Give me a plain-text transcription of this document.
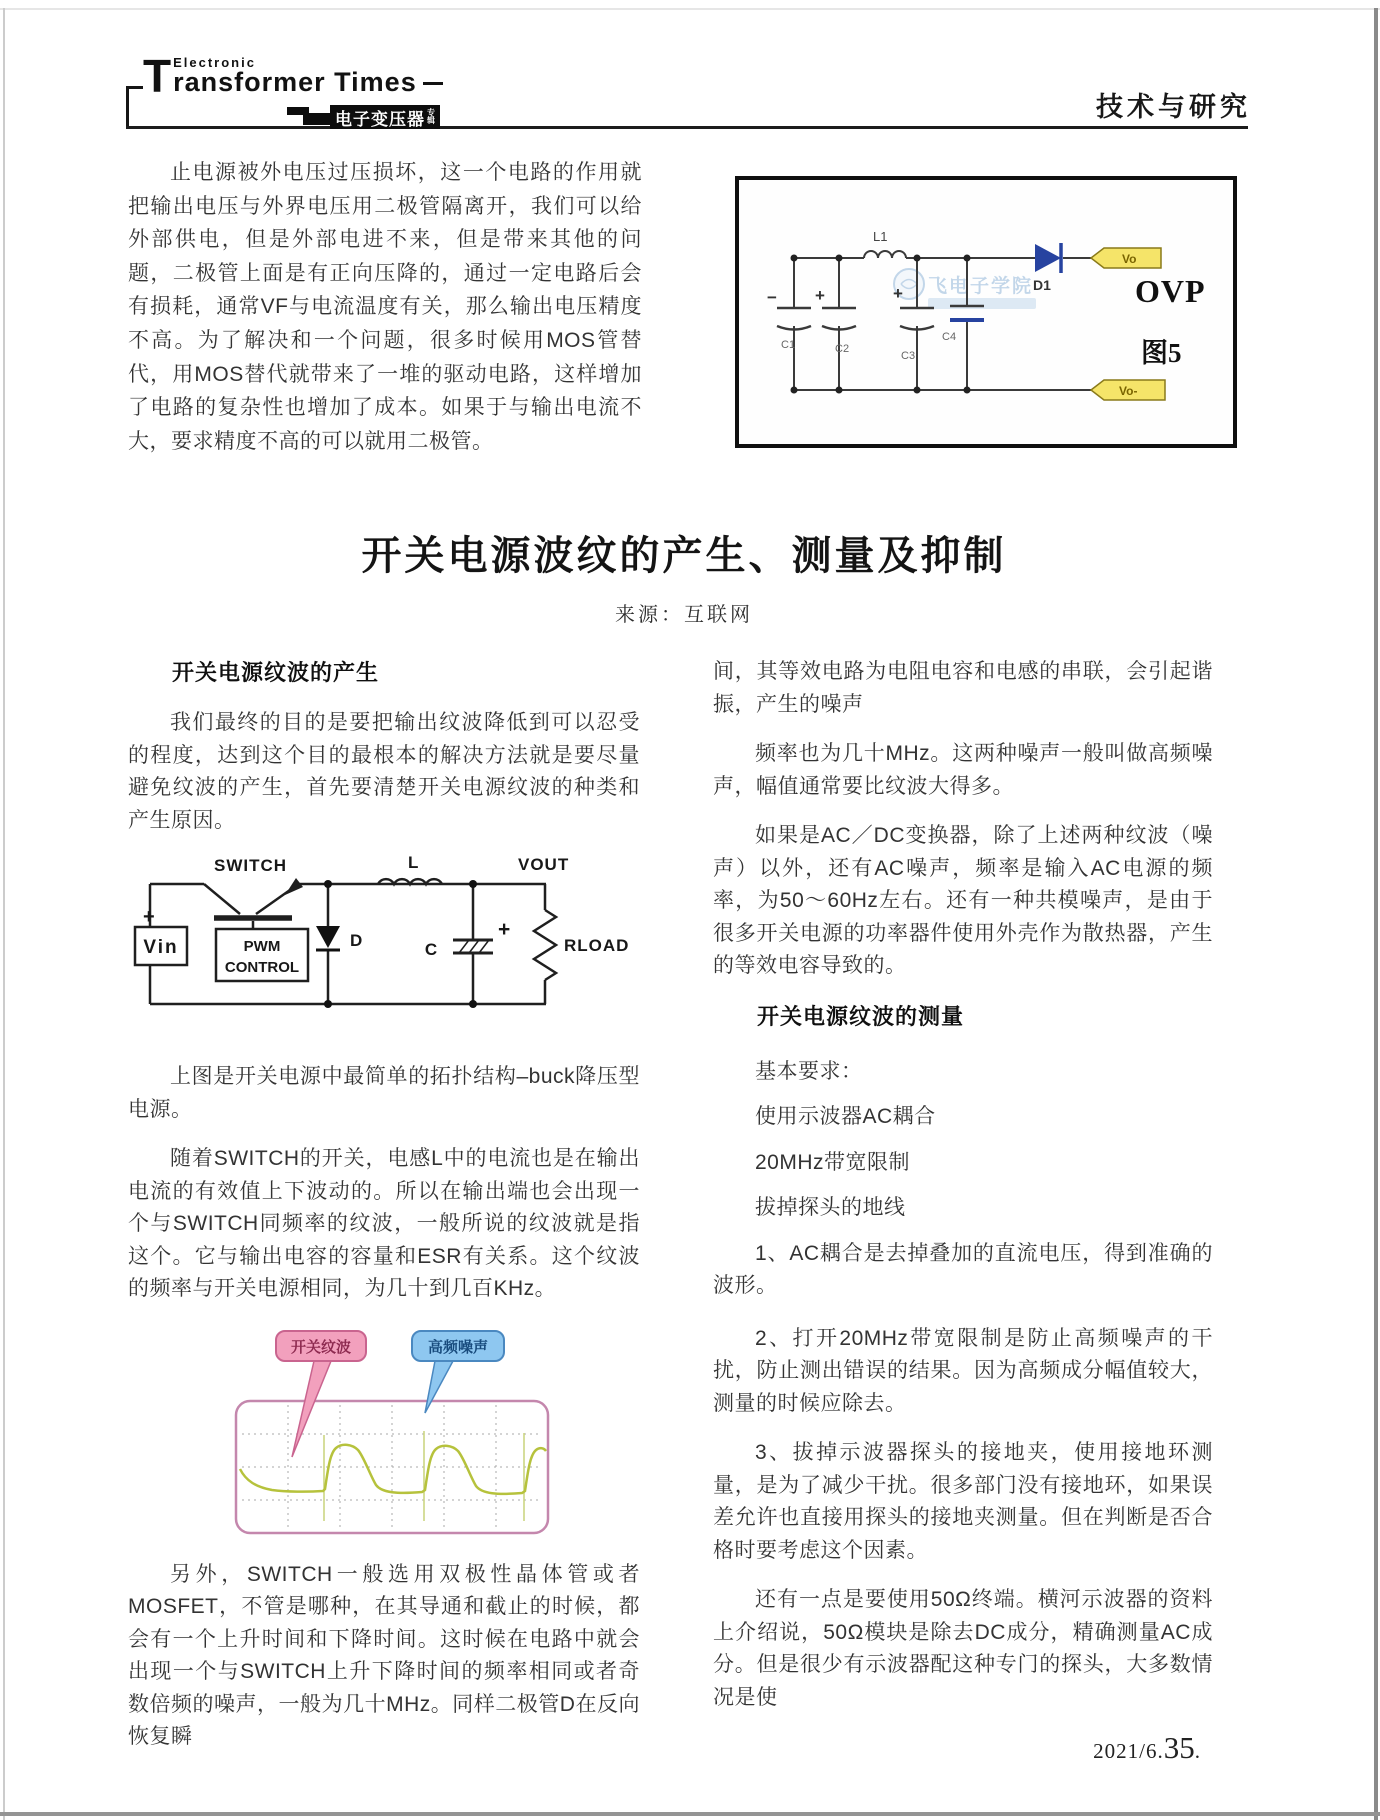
T Electronic
ransformer Times
电子变压器 专
辑	技术与研究
止电源被外电压过压损坏，这一个电路的作用就把输出电压与外界电压用二极管隔离开，我们可以给外部供电，但是外部电进不来，但是带来其他的问题，二极管上面是有正向压降的，通过一定电路后会有损耗，通常VF与电流温度有关，那么输出电压精度不高。为了解决和一个问题，很多时候用MOS管替代，用MOS替代就带来了一堆的驱动电路，这样增加了电路的复杂性也增加了成本。如果于与输出电流不大，要求精度不高的可以就用二极管。
飞电子学院
− +	+
C1	C2
C3
C4
L1
D1
Vo
Vo-
OVP
图5
开关电源波纹的产生、测量及抑制
来源：互联网
开关电源纹波的产生

我们最终的目的是要把输出纹波降低到可以忍受的程度，达到这个目的最根本的解决方法就是要尽量避免纹波的产生，首先要清楚开关电源纹波的种类和产生原因。

SWITCH
+
Vin	PWM
CONTROL
D
L	VOUT
+
C	RLOAD

上图是开关电源中最简单的拓扑结构–buck降压型电源。

随着SWITCH的开关，电感L中的电流也是在输出电流的有效值上下波动的。所以在输出端也会出现一个与SWITCH同频率的纹波，一般所说的纹波就是指这个。它与输出电容的容量和ESR有关系。这个纹波的频率与开关电源相同，为几十到几百KHz。

开关纹波	高频噪声

另外，SWITCH一般选用双极性晶体管或者MOSFET，不管是哪种，在其导通和截止的时候，都会有一个上升时间和下降时间。这时候在电路中就会出现一个与SWITCH上升下降时间的频率相同或者奇数倍频的噪声，一般为几十MHz。同样二极管D在反向恢复瞬

间，其等效电路为电阻电容和电感的串联，会引起谐振，产生的噪声

频率也为几十MHz。这两种噪声一般叫做高频噪声，幅值通常要比纹波大得多。

如果是AC／DC变换器，除了上述两种纹波（噪声）以外，还有AC噪声，频率是输入AC电源的频率，为50～60Hz左右。还有一种共模噪声，是由于很多开关电源的功率器件使用外壳作为散热器，产生的等效电容导致的。

开关电源纹波的测量

基本要求：

使用示波器AC耦合

20MHz带宽限制

拔掉探头的地线

1、AC耦合是去掉叠加的直流电压，得到准确的波形。

2、打开20MHz带宽限制是防止高频噪声的干扰，防止测出错误的结果。因为高频成分幅值较大，测量的时候应除去。

3、拔掉示波器探头的接地夹，使用接地环测量，是为了减少干扰。很多部门没有接地环，如果误差允许也直接用探头的接地夹测量。但在判断是否合格时要考虑这个因素。

还有一点是要使用50Ω终端。横河示波器的资料上介绍说，50Ω模块是除去DC成分，精确测量AC成分。但是很少有示波器配这种专门的探头，大多数情况是使

2021/6.35.
